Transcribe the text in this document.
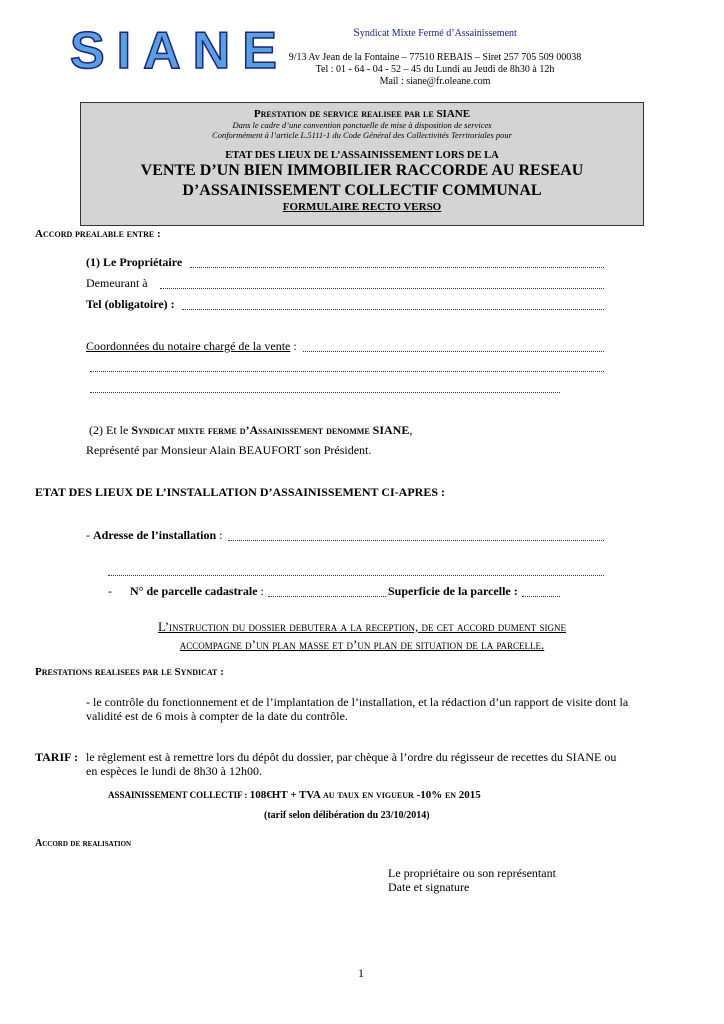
SIANE	Syndicat Mixte Fermé d’Assainissement
9/13 Av Jean de la Fontaine – 77510 REBAIS – Siret 257 705 509 00038
Tel : 01 - 64 - 04 - 52 – 45 du Lundi au Jeudi de 8h30 à 12h
Mail : siane@fr.oleane.com
Prestation de service realisee par le SIANE
Dans le cadre d’une convention ponctuelle de mise à disposition de services
Conformément à l’article L.5111-1 du Code Général des Collectivités Territoriales pour
ETAT DES LIEUX DE L’ASSAINISSEMENT LORS DE LA
VENTE D’UN BIEN IMMOBILIER RACCORDE AU RESEAU
D’ASSAINISSEMENT COLLECTIF COMMUNAL
FORMULAIRE RECTO VERSO
Accord prealable entre :
(1) Le Propriétaire
Demeurant à
Tel (obligatoire) :
Coordonnées du notaire chargé de la vente :
(2) Et le Syndicat mixte ferme d’Assainissement denomme SIANE,
Représenté par Monsieur Alain BEAUFORT son Président.
ETAT DES LIEUX DE L’INSTALLATION D’ASSAINISSEMENT CI-APRES :
- Adresse de l’installation :
- N° de parcelle cadastrale :	Superficie de la parcelle :
L’instruction du dossier debutera a la reception, de cet accord dument signe
accompagne d’un plan masse et d’un plan de situation de la parcelle.
Prestations realisees par le Syndicat :
- le contrôle du fonctionnement et de l’implantation de l’installation, et la rédaction d’un rapport de visite dont la
validité est de 6 mois à compter de la date du contrôle.
TARIF : le règlement est à remettre lors du dépôt du dossier, par chèque à l’ordre du régisseur de recettes du SIANE ou
en espèces le lundi de 8h30 à 12h00.
ASSAINISSEMENT COLLECTIF : 108€HT + TVA au taux en vigueur -10% en 2015
(tarif selon délibération du 23/10/2014)
Accord de realisation
Le propriétaire ou son représentant
Date et signature
1
